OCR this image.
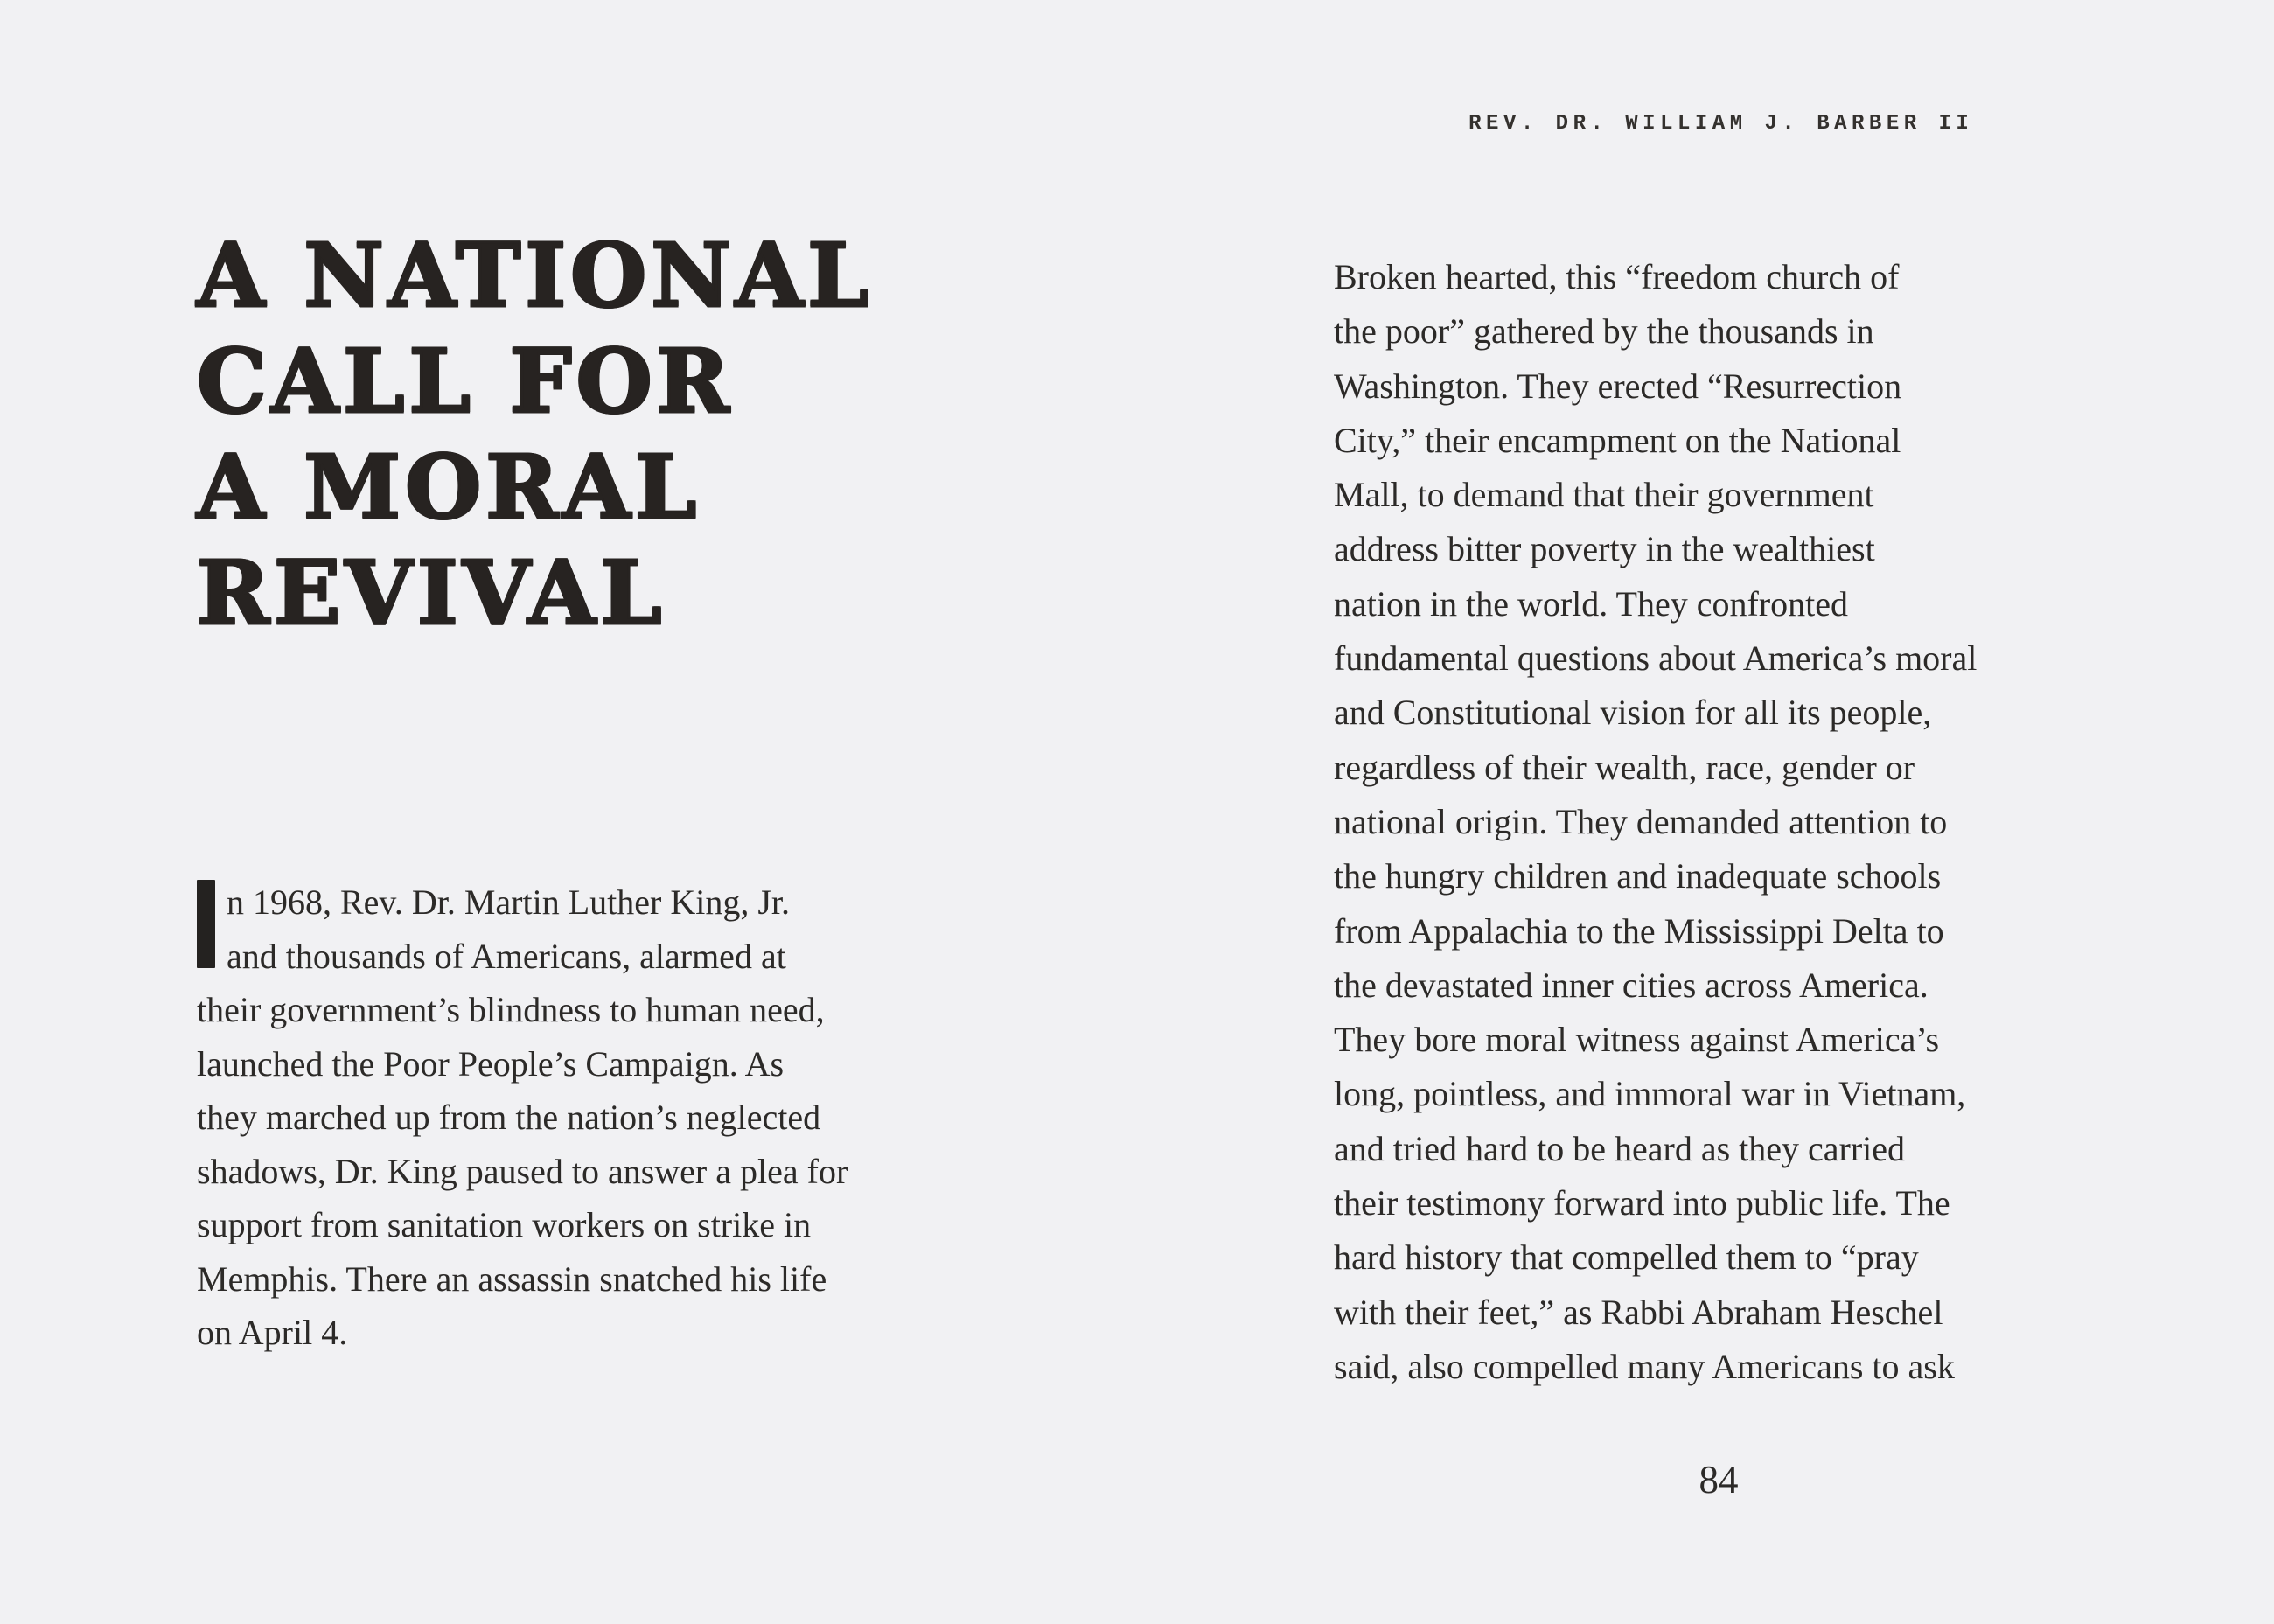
A NATIONAL
CALL FOR
A MORAL
REVIVAL
n 1968, Rev. Dr. Martin Luther King, Jr.
and thousands of Americans, alarmed at
their government’s blindness to human need,
launched the Poor People’s Campaign. As
they marched up from the nation’s neglected
shadows, Dr. King paused to answer a plea for
support from sanitation workers on strike in
Memphis. There an assassin snatched his life
on April 4.
REV. DR. WILLIAM J. BARBER II
Broken hearted, this “freedom church of
the poor” gathered by the thousands in
Washington. They erected “Resurrection
City,” their encampment on the National
Mall, to demand that their government
address bitter poverty in the wealthiest
nation in the world. They confronted
fundamental questions about America’s moral
and Constitutional vision for all its people,
regardless of their wealth, race, gender or
national origin. They demanded attention to
the hungry children and inadequate schools
from Appalachia to the Mississippi Delta to
the devastated inner cities across America.
They bore moral witness against America’s
long, pointless, and immoral war in Vietnam,
and tried hard to be heard as they carried
their testimony forward into public life. The
hard history that compelled them to “pray
with their feet,” as Rabbi Abraham Heschel
said, also compelled many Americans to ask
84
